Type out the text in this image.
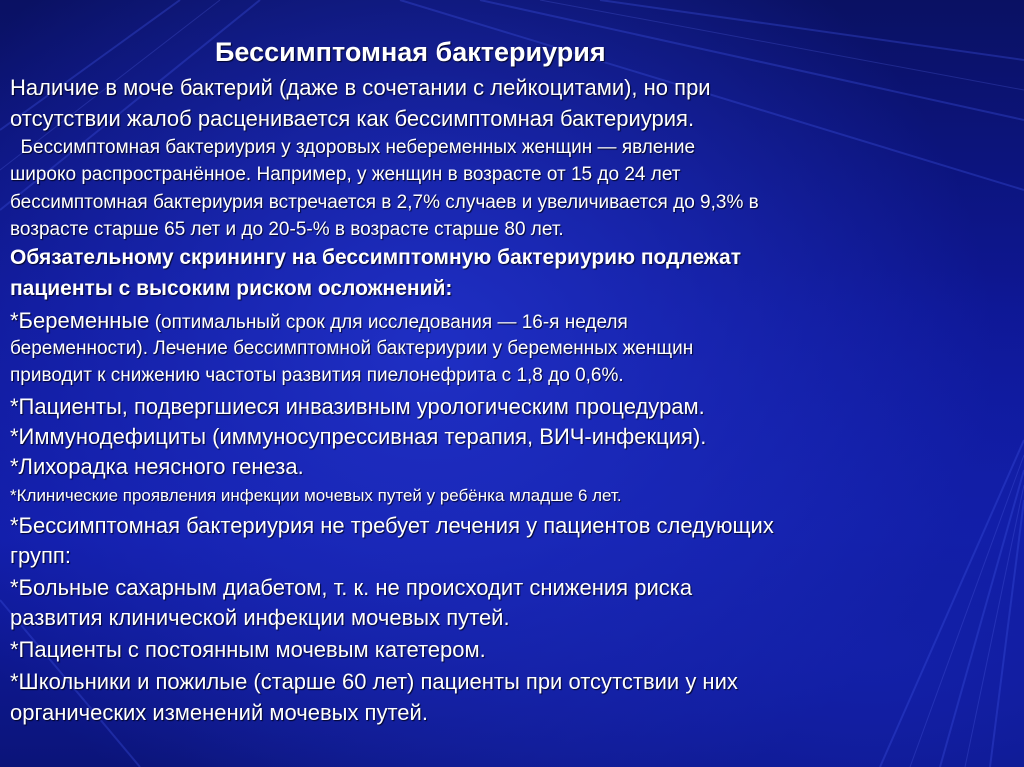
Бессимптомная бактериурия
Наличие в моче бактерий (даже в сочетании с лейкоцитами), но при
отсутствии жалоб расценивается как бессимптомная бактериурия.
Бессимптомная бактериурия у здоровых небеременных женщин — явление
широко распространённое. Например, у женщин в возрасте от 15 до 24 лет
бессимптомная бактериурия встречается в 2,7% случаев и увеличивается до 9,3% в
возрасте старше 65 лет и до 20-5-% в возрасте старше 80 лет.
Обязательному скринингу на бессимптомную бактериурию подлежат
пациенты с высоким риском осложнений:
*Беременные (оптимальный срок для исследования — 16-я неделя
беременности). Лечение бессимптомной бактериурии у беременных женщин
приводит к снижению частоты развития пиелонефрита с 1,8 до 0,6%.
*Пациенты, подвергшиеся инвазивным урологическим процедурам.
*Иммунодефициты (иммуносупрессивная терапия, ВИЧ-инфекция).
*Лихорадка неясного генеза.
*Клинические проявления инфекции мочевых путей у ребёнка младше 6 лет.
*Бессимптомная бактериурия не требует лечения у пациентов следующих
групп:
*Больные сахарным диабетом, т. к. не происходит снижения риска
развития клинической инфекции мочевых путей.
*Пациенты с постоянным мочевым катетером.
*Школьники и пожилые (старше 60 лет) пациенты при отсутствии у них
органических изменений мочевых путей.
